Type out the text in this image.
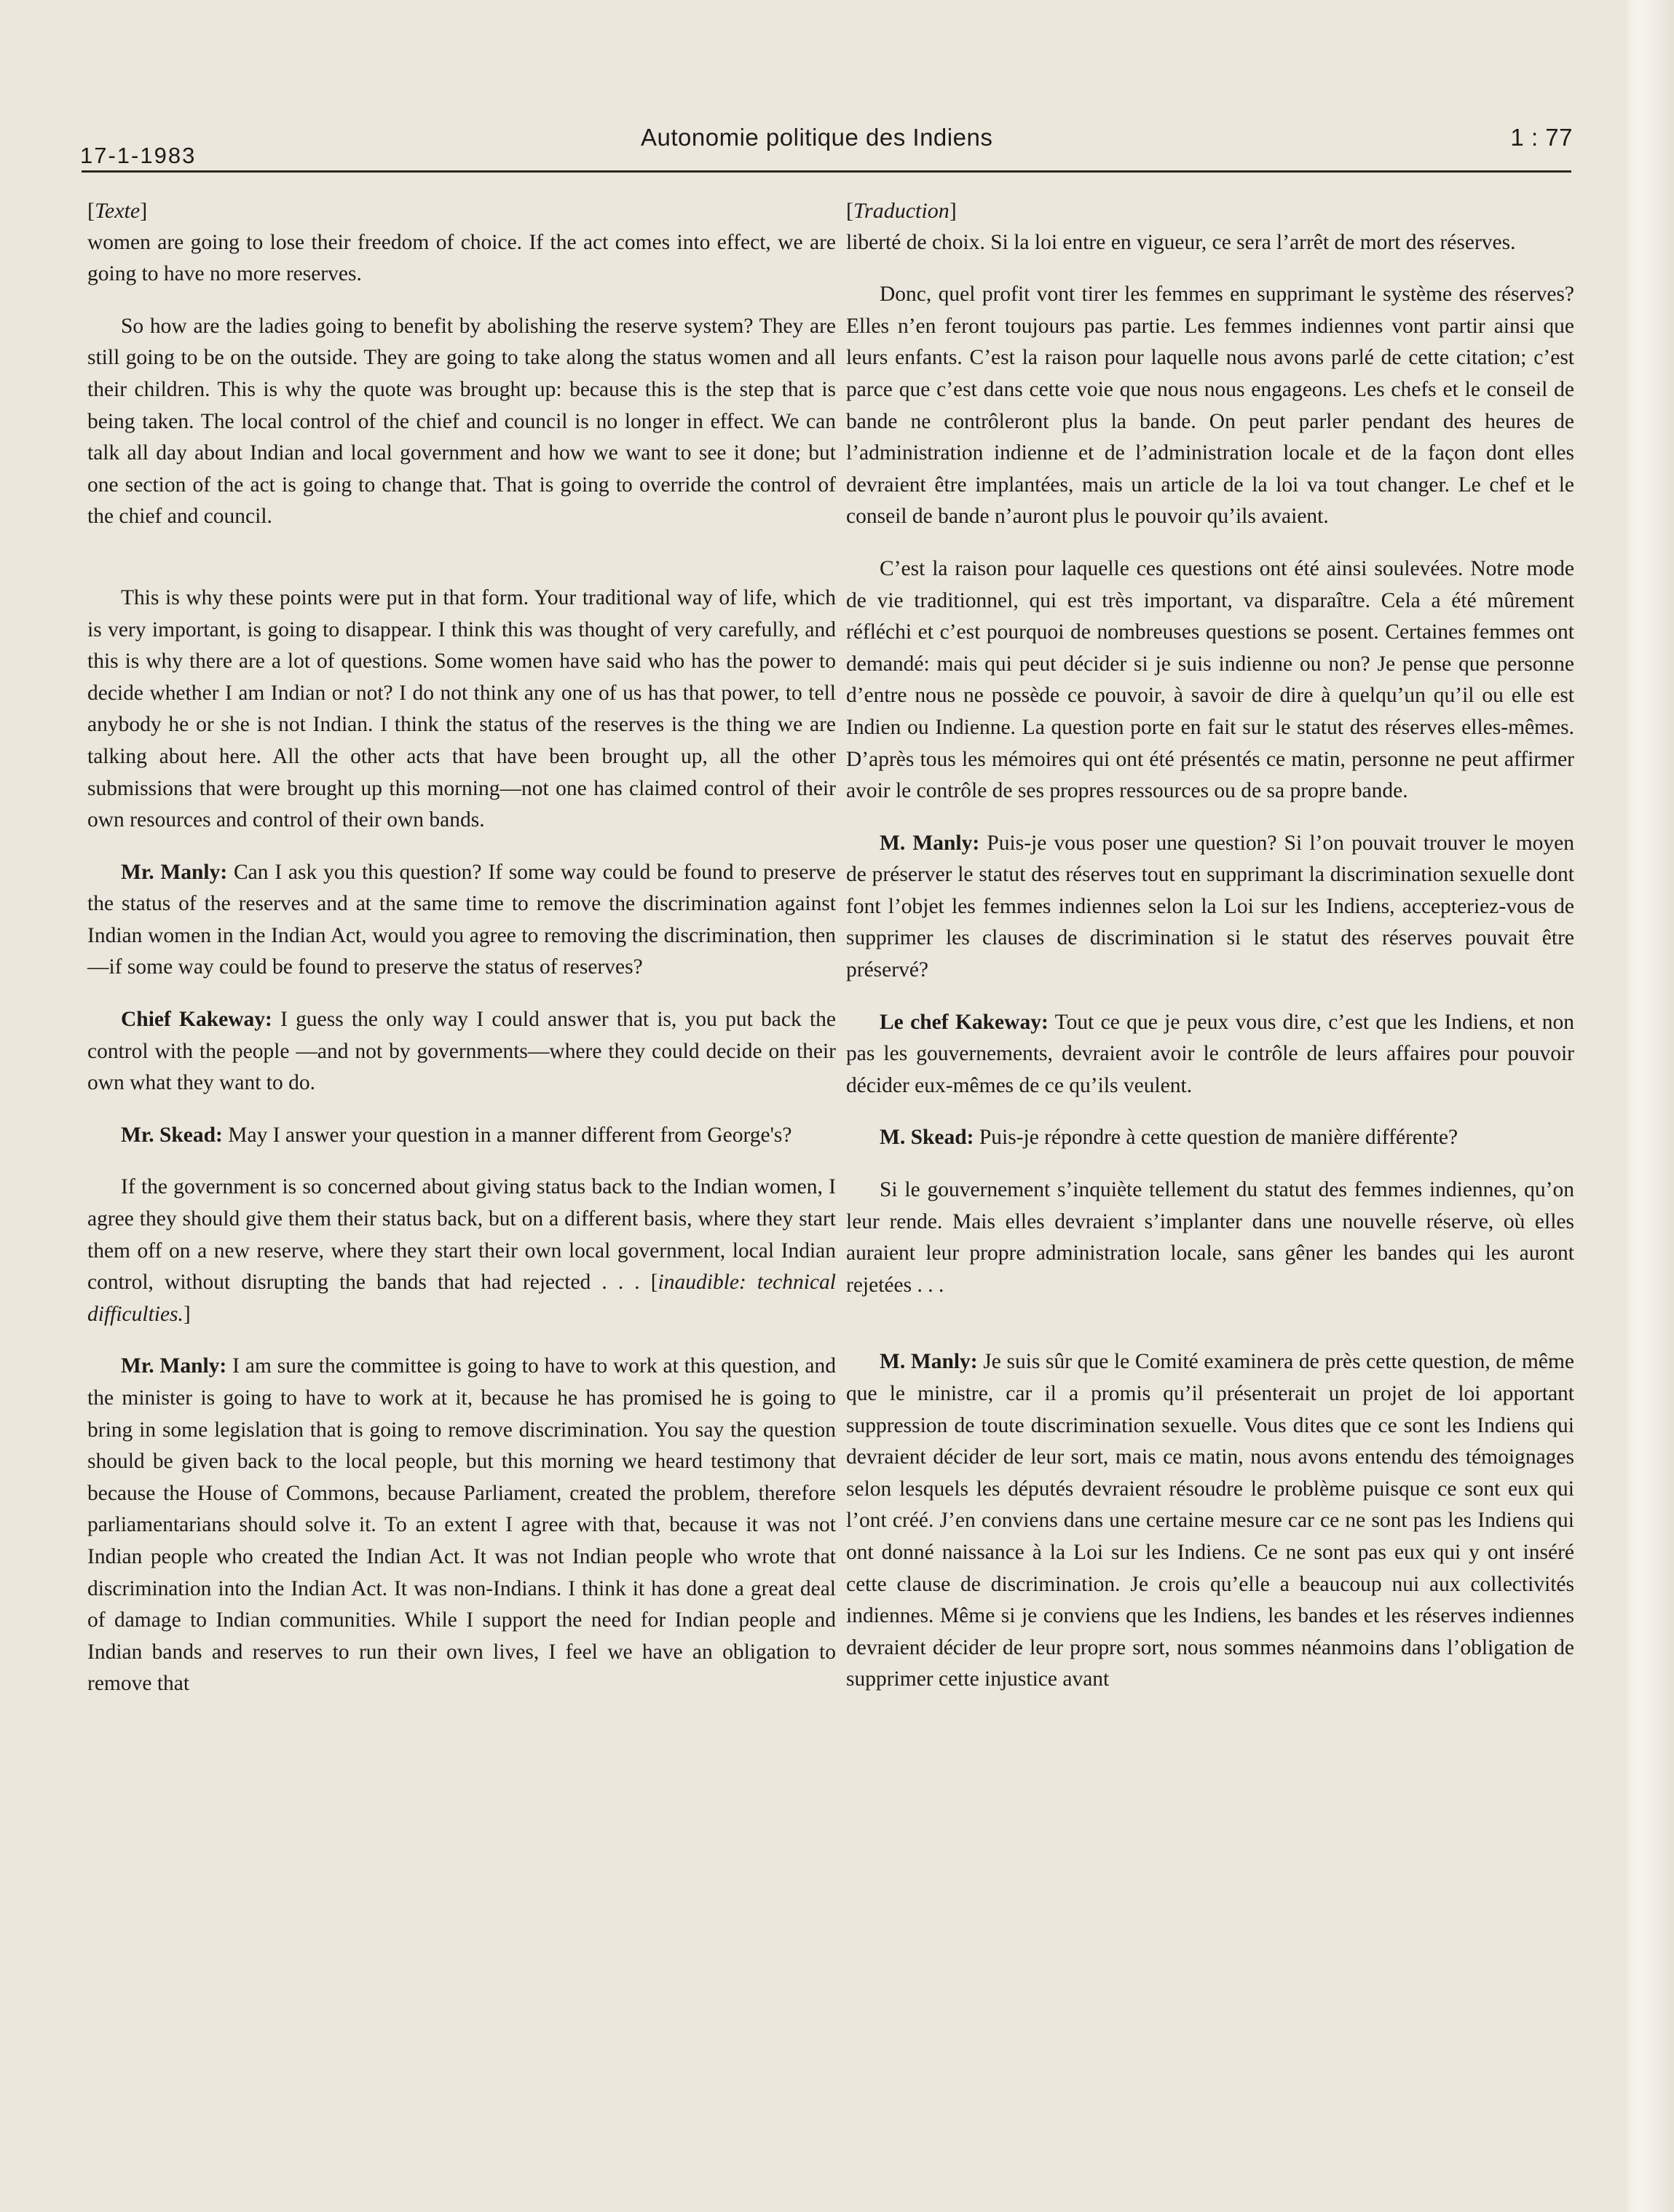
17-1-1983
Autonomie politique des Indiens	1 : 77
[Texte]

women are going to lose their freedom of choice. If the act comes into effect, we are going to have no more reserves.

So how are the ladies going to benefit by abolishing the reserve system? They are still going to be on the outside. They are going to take along the status women and all their children. This is why the quote was brought up: because this is the step that is being taken. The local control of the chief and council is no longer in effect. We can talk all day about Indian and local government and how we want to see it done; but one section of the act is going to change that. That is going to override the control of the chief and council.

This is why these points were put in that form. Your traditional way of life, which is very important, is going to disappear. I think this was thought of very carefully, and this is why there are a lot of questions. Some women have said who has the power to decide whether I am Indian or not? I do not think any one of us has that power, to tell anybody he or she is not Indian. I think the status of the reserves is the thing we are talking about here. All the other acts that have been brought up, all the other submissions that were brought up this morning—not one has claimed control of their own resources and control of their own bands.

Mr. Manly: Can I ask you this question? If some way could be found to preserve the status of the reserves and at the same time to remove the discrimination against Indian women in the Indian Act, would you agree to removing the discrimination, then—if some way could be found to preserve the status of reserves?

Chief Kakeway: I guess the only way I could answer that is, you put back the control with the people —and not by governments—where they could decide on their own what they want to do.

Mr. Skead: May I answer your question in a manner different from George's?

If the government is so concerned about giving status back to the Indian women, I agree they should give them their status back, but on a different basis, where they start them off on a new reserve, where they start their own local government, local Indian control, without disrupting the bands that had rejected . . . [inaudible: technical difficulties.]

Mr. Manly: I am sure the committee is going to have to work at this question, and the minister is going to have to work at it, because he has promised he is going to bring in some legislation that is going to remove discrimination. You say the question should be given back to the local people, but this morning we heard testimony that because the House of Commons, because Parliament, created the problem, therefore parliamentarians should solve it. To an extent I agree with that, because it was not Indian people who created the Indian Act. It was not Indian people who wrote that discrimination into the Indian Act. It was non-Indians. I think it has done a great deal of damage to Indian communities. While I support the need for Indian people and Indian bands and reserves to run their own lives, I feel we have an obligation to remove that

[Traduction]

liberté de choix. Si la loi entre en vigueur, ce sera l’arrêt de mort des réserves.

Donc, quel profit vont tirer les femmes en supprimant le système des réserves? Elles n’en feront toujours pas partie. Les femmes indiennes vont partir ainsi que leurs enfants. C’est la raison pour laquelle nous avons parlé de cette citation; c’est parce que c’est dans cette voie que nous nous engageons. Les chefs et le conseil de bande ne contrôleront plus la bande. On peut parler pendant des heures de l’administration indienne et de l’administration locale et de la façon dont elles devraient être implantées, mais un article de la loi va tout changer. Le chef et le conseil de bande n’auront plus le pouvoir qu’ils avaient.

C’est la raison pour laquelle ces questions ont été ainsi soulevées. Notre mode de vie traditionnel, qui est très important, va disparaître. Cela a été mûrement réfléchi et c’est pourquoi de nombreuses questions se posent. Certaines femmes ont demandé: mais qui peut décider si je suis indienne ou non? Je pense que personne d’entre nous ne possède ce pouvoir, à savoir de dire à quelqu’un qu’il ou elle est Indien ou Indienne. La question porte en fait sur le statut des réserves elles-mêmes. D’après tous les mémoires qui ont été présentés ce matin, personne ne peut affirmer avoir le contrôle de ses propres ressources ou de sa propre bande.

M. Manly: Puis-je vous poser une question? Si l’on pouvait trouver le moyen de préserver le statut des réserves tout en supprimant la discrimination sexuelle dont font l’objet les femmes indiennes selon la Loi sur les Indiens, accepteriez-vous de supprimer les clauses de discrimination si le statut des réserves pouvait être préservé?

Le chef Kakeway: Tout ce que je peux vous dire, c’est que les Indiens, et non pas les gouvernements, devraient avoir le contrôle de leurs affaires pour pouvoir décider eux-mêmes de ce qu’ils veulent.

M. Skead: Puis-je répondre à cette question de manière différente?

Si le gouvernement s’inquiète tellement du statut des femmes indiennes, qu’on leur rende. Mais elles devraient s’implanter dans une nouvelle réserve, où elles auraient leur propre administration locale, sans gêner les bandes qui les auront rejetées . . .

M. Manly: Je suis sûr que le Comité examinera de près cette question, de même que le ministre, car il a promis qu’il présenterait un projet de loi apportant suppression de toute discrimination sexuelle. Vous dites que ce sont les Indiens qui devraient décider de leur sort, mais ce matin, nous avons entendu des témoignages selon lesquels les députés devraient résoudre le problème puisque ce sont eux qui l’ont créé. J’en conviens dans une certaine mesure car ce ne sont pas les Indiens qui ont donné naissance à la Loi sur les Indiens. Ce ne sont pas eux qui y ont inséré cette clause de discrimination. Je crois qu’elle a beaucoup nui aux collectivités indiennes. Même si je conviens que les Indiens, les bandes et les réserves indiennes devraient décider de leur propre sort, nous sommes néanmoins dans l’obligation de supprimer cette injustice avant
